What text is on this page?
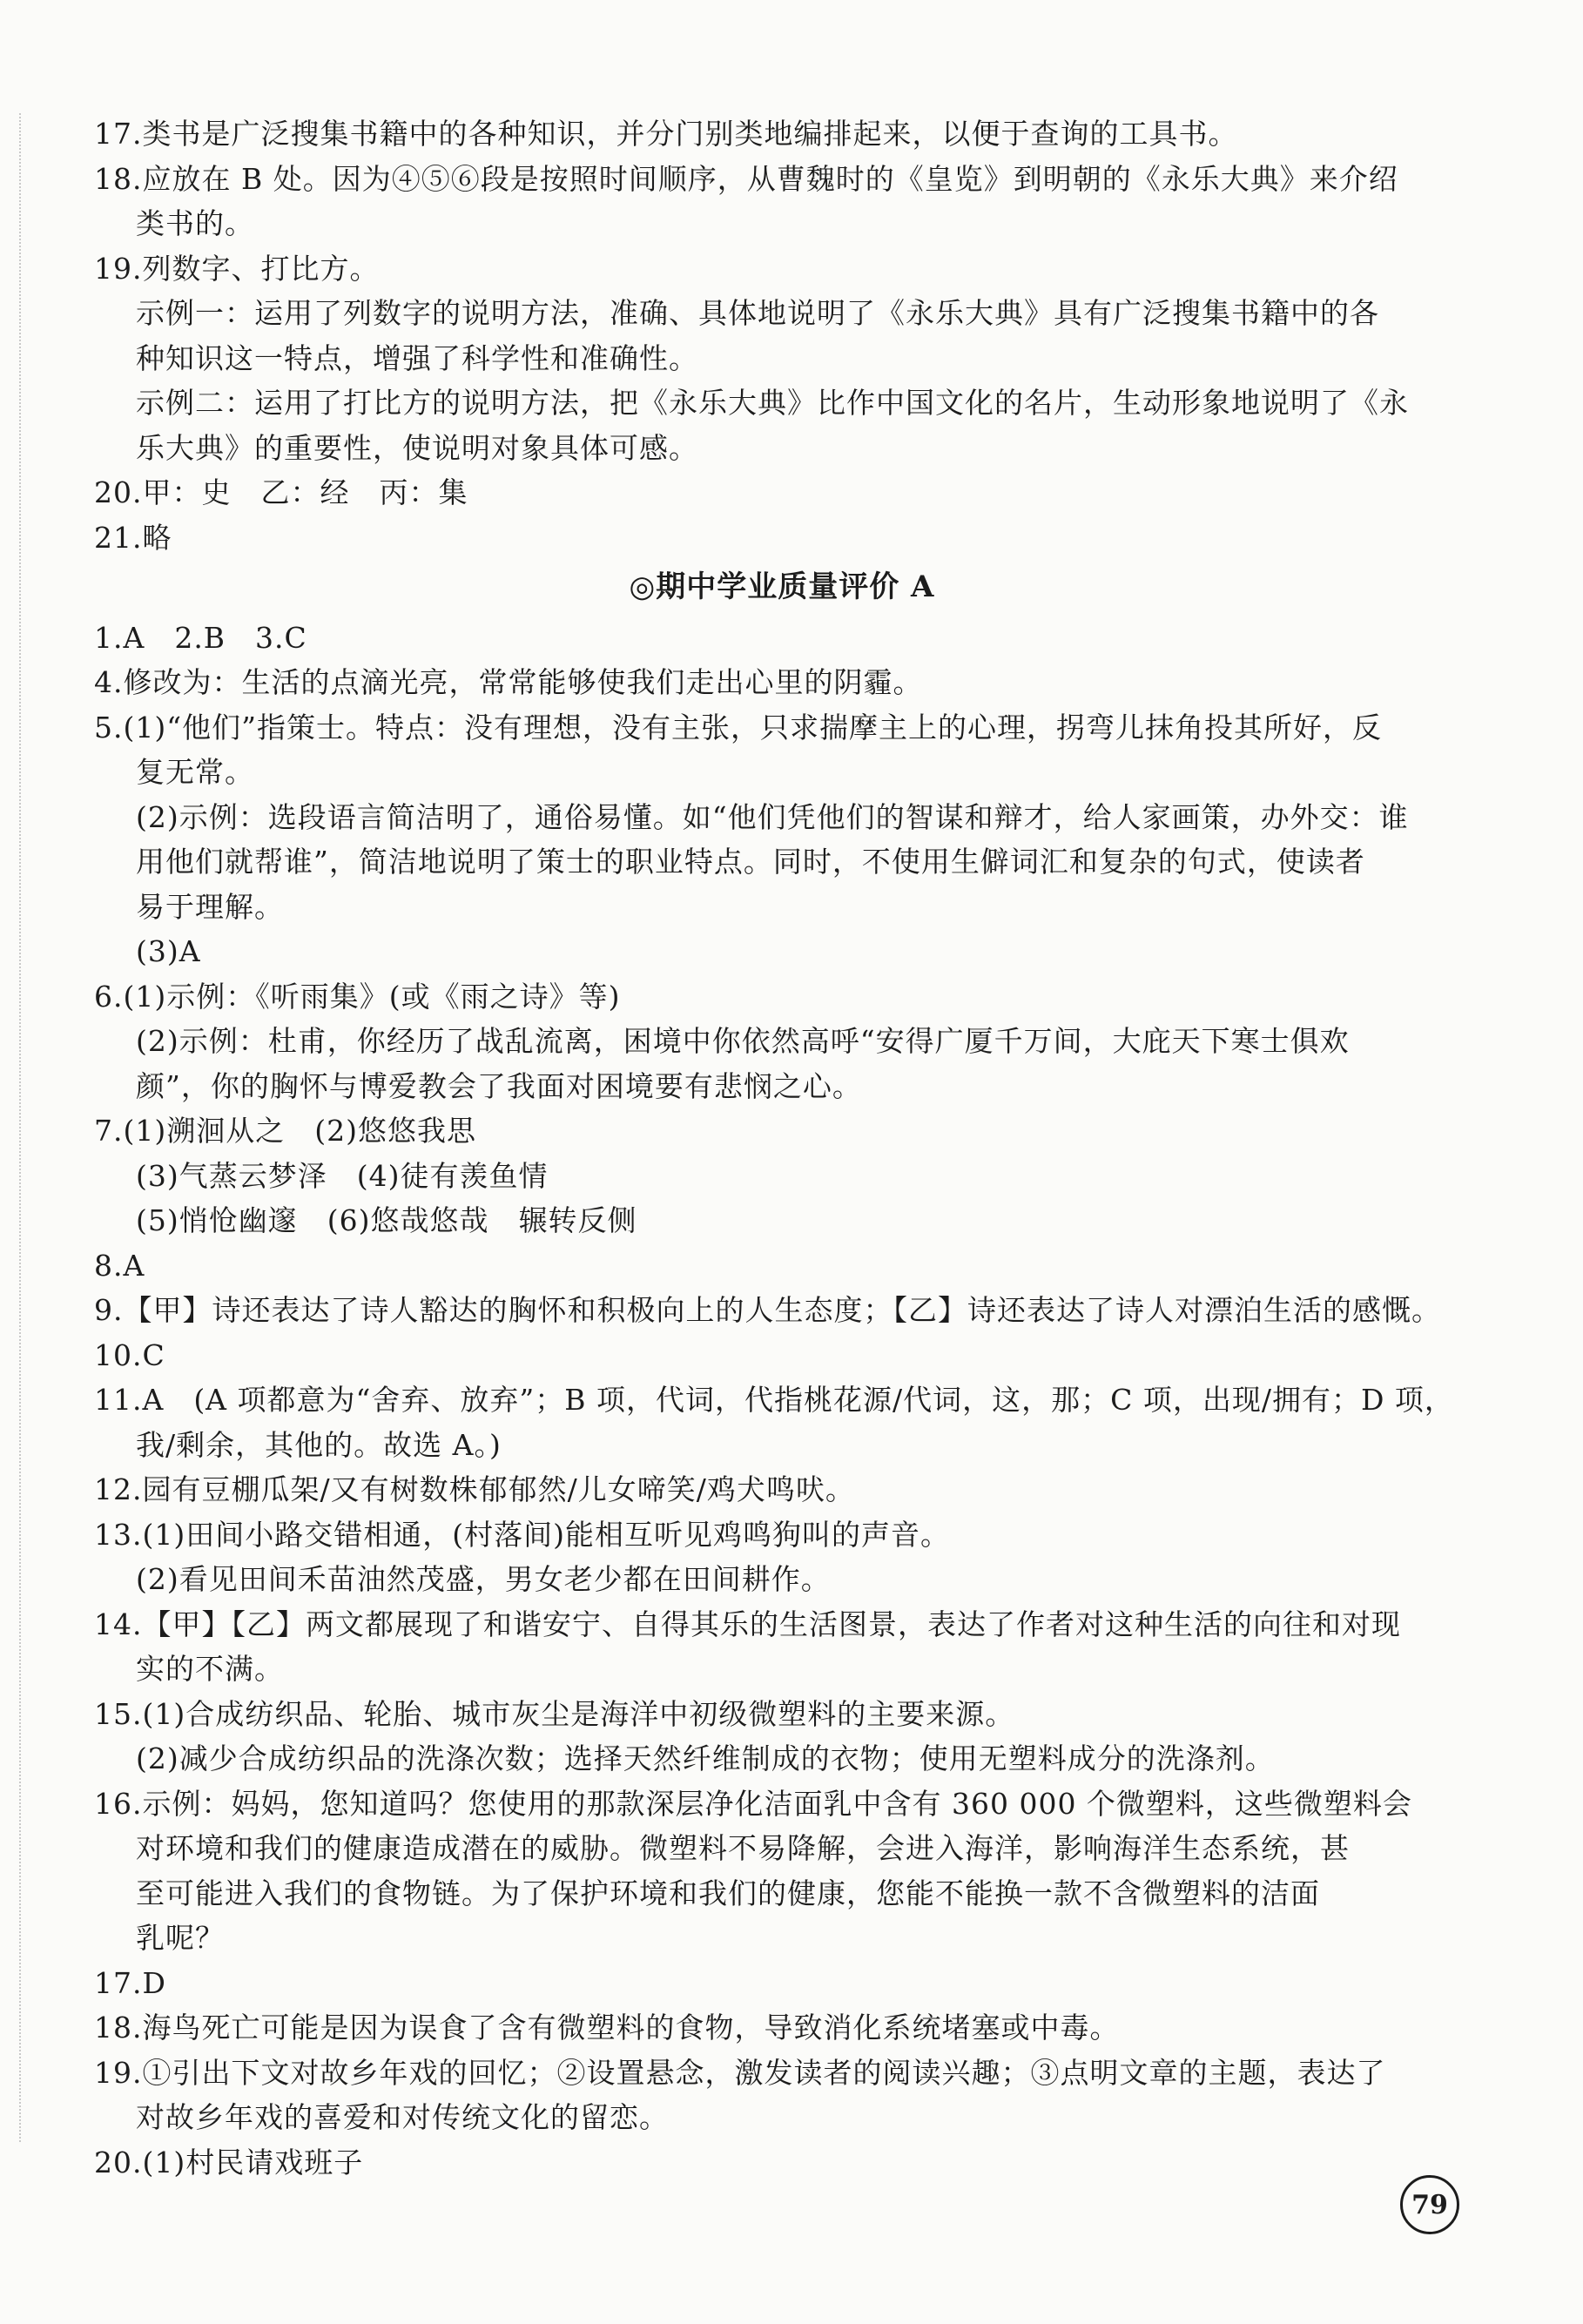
17.类书是广泛搜集书籍中的各种知识，并分门别类地编排起来，以便于查询的工具书。
18.应放在 B 处。因为④⑤⑥段是按照时间顺序，从曹魏时的《皇览》到明朝的《永乐大典》来介绍
类书的。
19.列数字、打比方。
示例一：运用了列数字的说明方法，准确、具体地说明了《永乐大典》具有广泛搜集书籍中的各
种知识这一特点，增强了科学性和准确性。
示例二：运用了打比方的说明方法，把《永乐大典》比作中国文化的名片，生动形象地说明了《永
乐大典》的重要性，使说明对象具体可感。
20.甲：史　乙：经　丙：集
21.略
◎期中学业质量评价 A
1.A　2.B　3.C
4.修改为：生活的点滴光亮，常常能够使我们走出心里的阴霾。
5.(1)“他们”指策士。特点：没有理想，没有主张，只求揣摩主上的心理，拐弯儿抹角投其所好，反
复无常。
(2)示例：选段语言简洁明了，通俗易懂。如“他们凭他们的智谋和辩才，给人家画策，办外交：谁
用他们就帮谁”，简洁地说明了策士的职业特点。同时，不使用生僻词汇和复杂的句式，使读者
易于理解。
(3)A
6.(1)示例：《听雨集》(或《雨之诗》等)
(2)示例：杜甫，你经历了战乱流离，困境中你依然高呼“安得广厦千万间，大庇天下寒士俱欢
颜”，你的胸怀与博爱教会了我面对困境要有悲悯之心。
7.(1)溯洄从之　(2)悠悠我思
(3)气蒸云梦泽　(4)徒有羡鱼情
(5)悄怆幽邃　(6)悠哉悠哉　辗转反侧
8.A
9.【甲】诗还表达了诗人豁达的胸怀和积极向上的人生态度；【乙】诗还表达了诗人对漂泊生活的感慨。
10.C
11.A　(A 项都意为“舍弃、放弃”；B 项，代词，代指桃花源/代词，这，那；C 项，出现/拥有；D 项，
我/剩余，其他的。故选 A。)
12.园有豆棚瓜架/又有树数株郁郁然/儿女啼笑/鸡犬鸣吠。
13.(1)田间小路交错相通，(村落间)能相互听见鸡鸣狗叫的声音。
(2)看见田间禾苗油然茂盛，男女老少都在田间耕作。
14.【甲】【乙】两文都展现了和谐安宁、自得其乐的生活图景，表达了作者对这种生活的向往和对现
实的不满。
15.(1)合成纺织品、轮胎、城市灰尘是海洋中初级微塑料的主要来源。
(2)减少合成纺织品的洗涤次数；选择天然纤维制成的衣物；使用无塑料成分的洗涤剂。
16.示例：妈妈，您知道吗？您使用的那款深层净化洁面乳中含有 360 000 个微塑料，这些微塑料会
对环境和我们的健康造成潜在的威胁。微塑料不易降解，会进入海洋，影响海洋生态系统，甚
至可能进入我们的食物链。为了保护环境和我们的健康，您能不能换一款不含微塑料的洁面
乳呢？
17.D
18.海鸟死亡可能是因为误食了含有微塑料的食物，导致消化系统堵塞或中毒。
19.①引出下文对故乡年戏的回忆；②设置悬念，激发读者的阅读兴趣；③点明文章的主题，表达了
对故乡年戏的喜爱和对传统文化的留恋。
20.(1)村民请戏班子
79
